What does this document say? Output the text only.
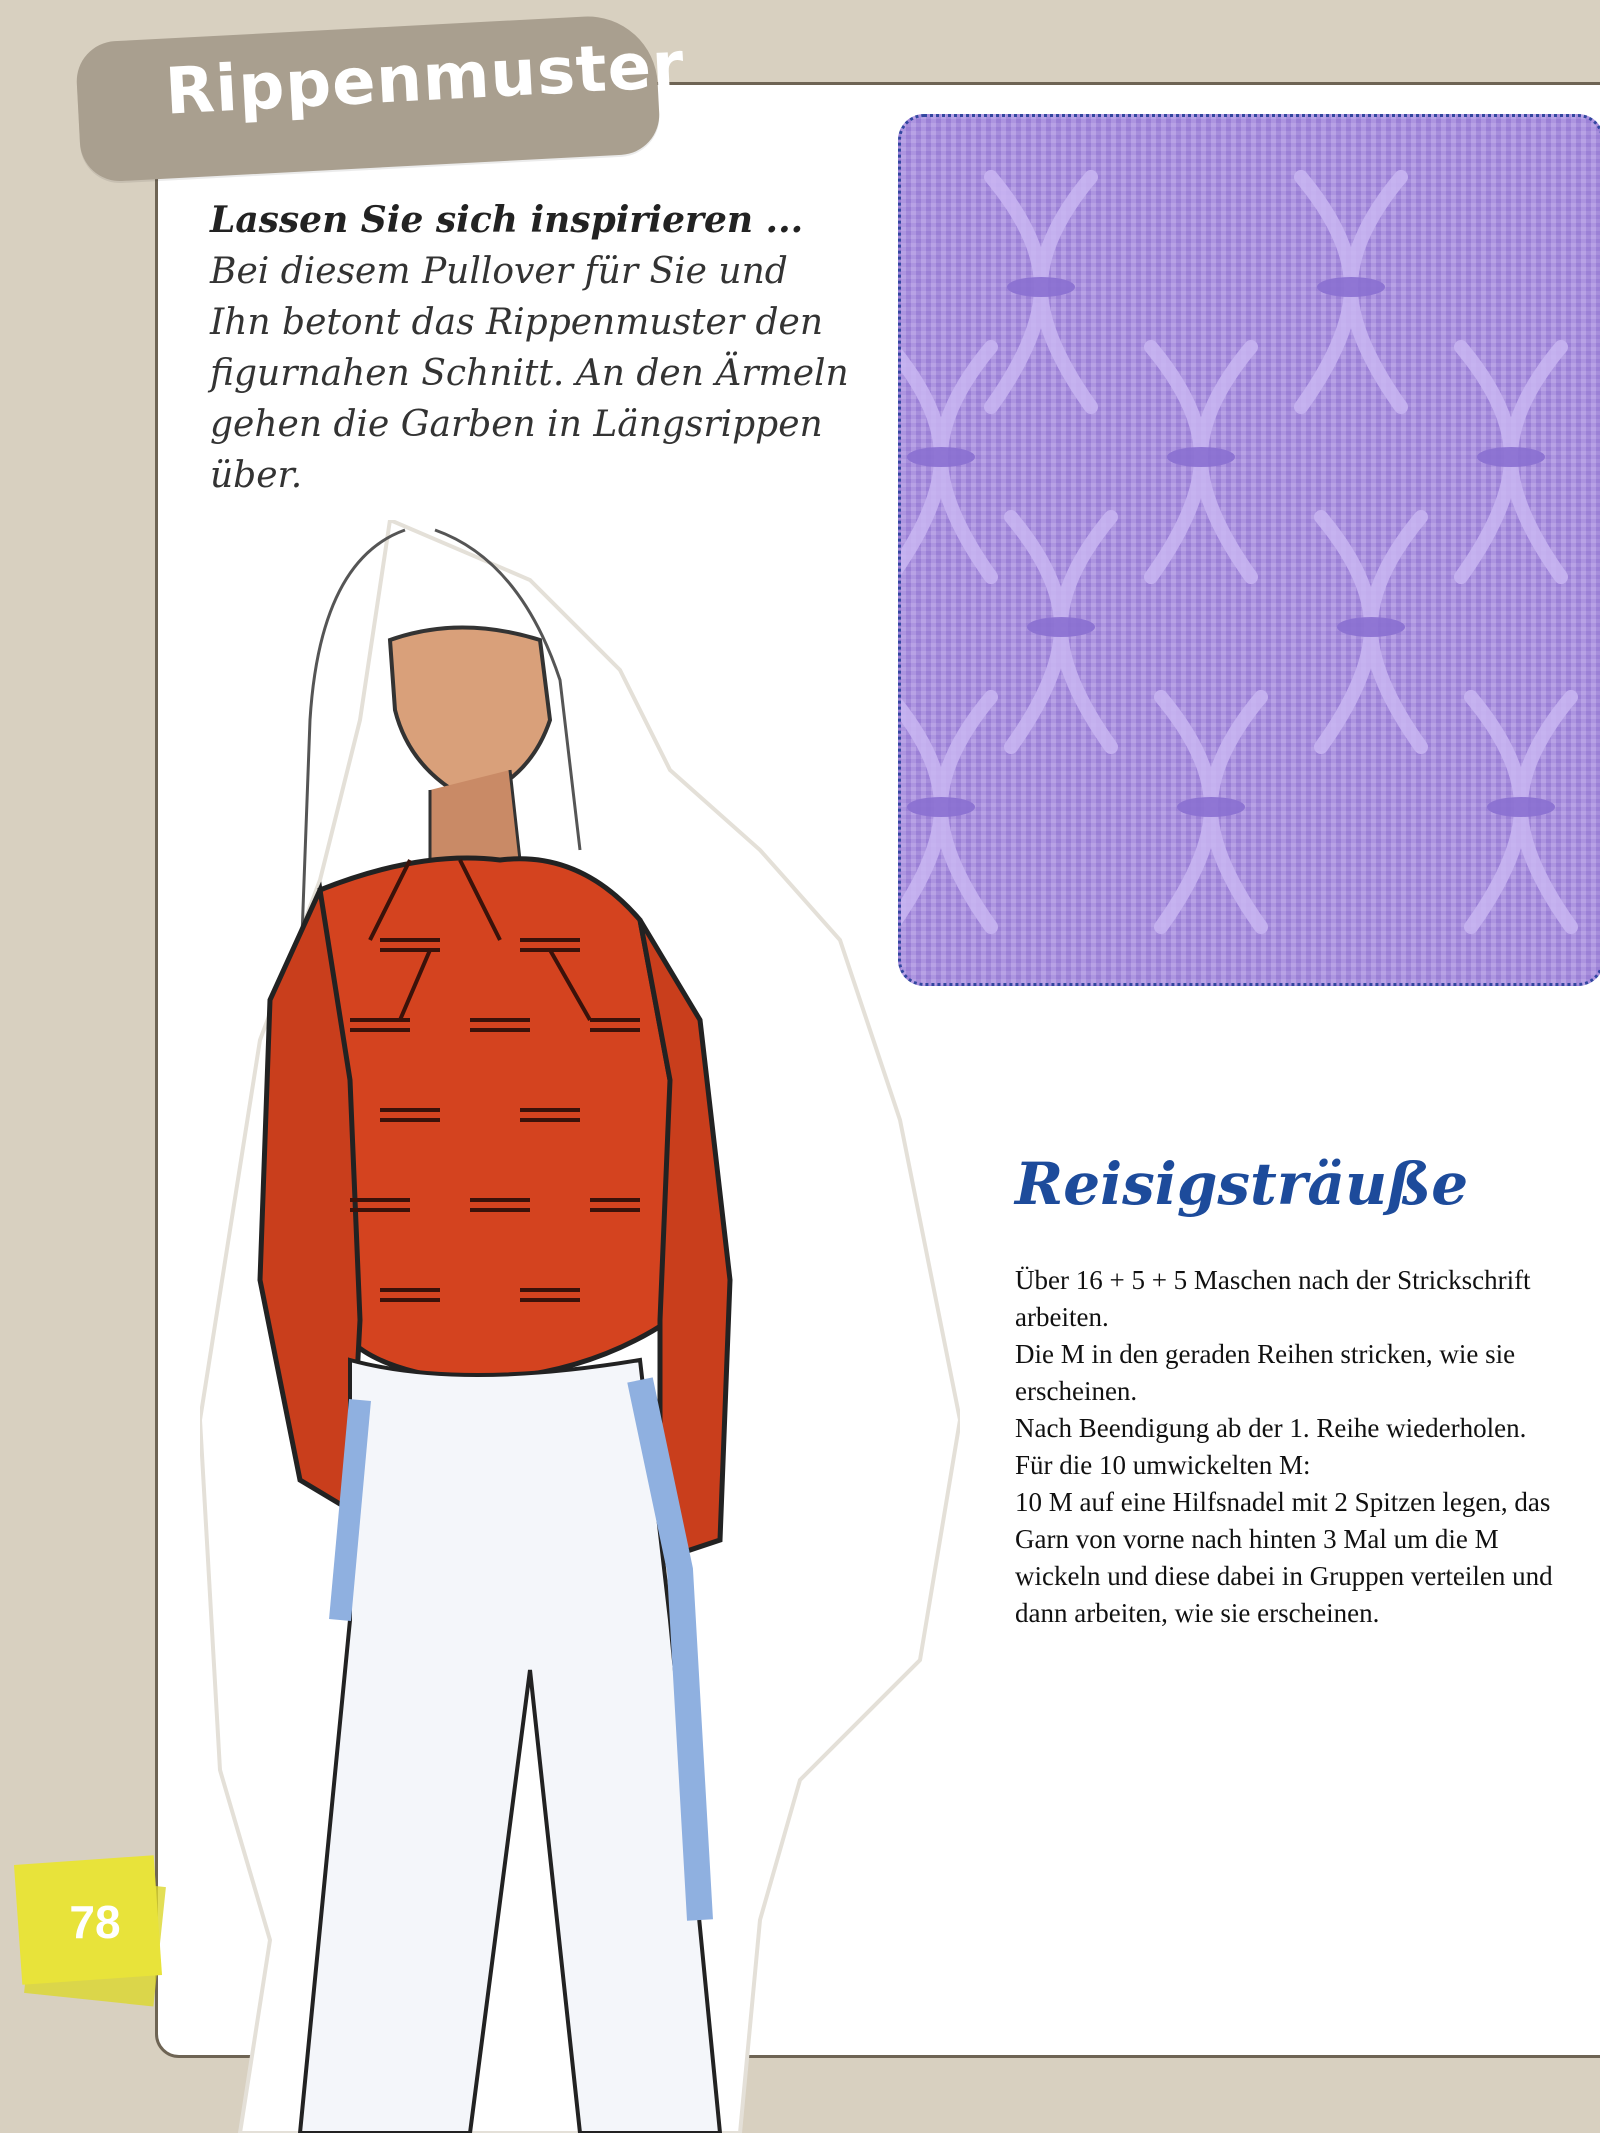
Rippenmuster
Lassen Sie sich inspirieren ...
Bei diesem Pullover für Sie und
Ihn betont das Rippenmuster den
figurnahen Schnitt. An den Ärmeln
gehen die Garben in Längsrippen über.
Reisigsträuße

Über 16 + 5 + 5 Maschen nach der Strickschrift arbeiten.

Die M in den geraden Reihen stricken, wie sie erscheinen.

Nach Beendigung ab der 1. Reihe wiederholen.

Für die 10 umwickelten M:

10 M auf eine Hilfsnadel mit 2 Spitzen legen, das Garn von vorne nach hinten 3 Mal um die M wickeln und diese dabei in Gruppen verteilen und dann arbeiten, wie sie erscheinen.

78
